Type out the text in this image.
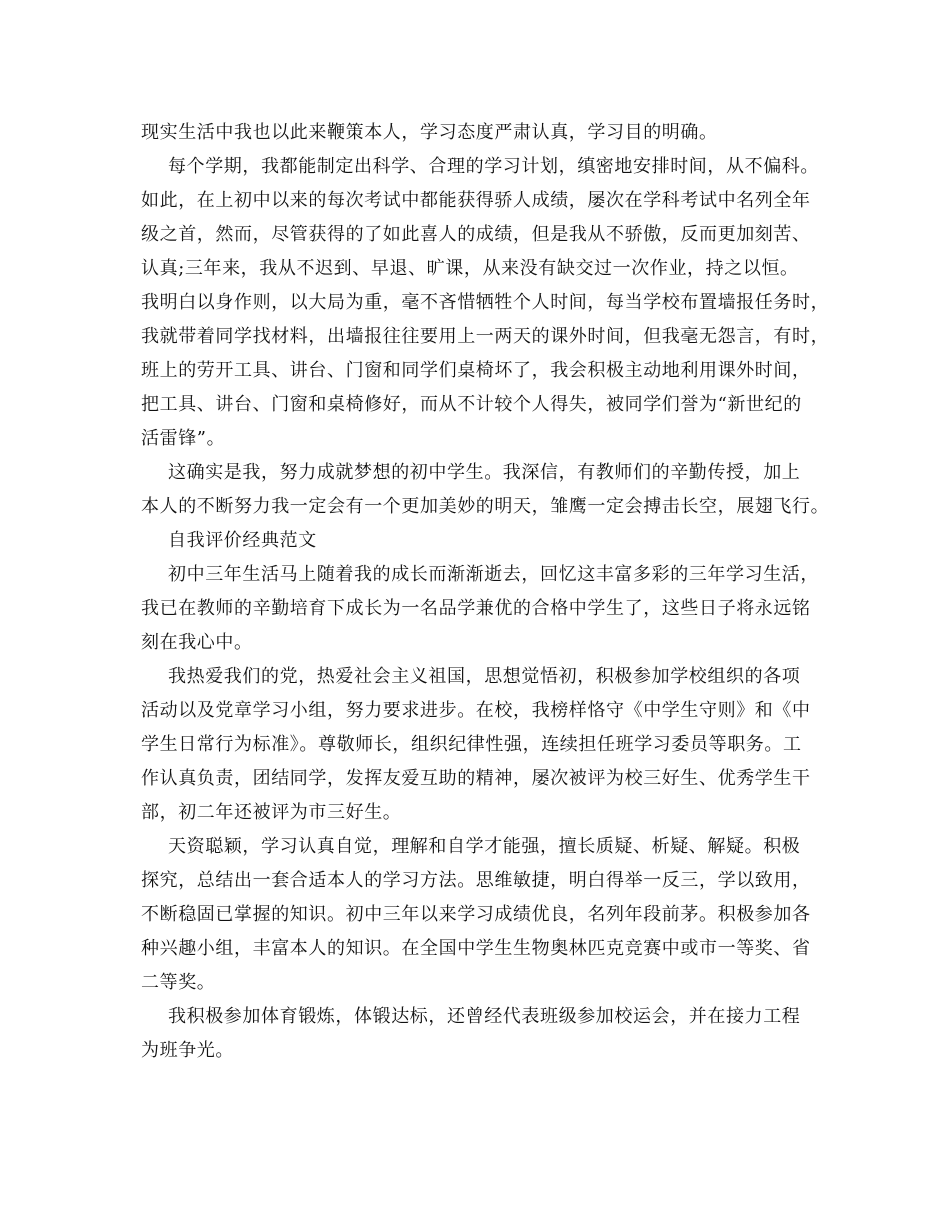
现实生活中我也以此来鞭策本人，学习态度严肃认真，学习目的明确。
每个学期，我都能制定出科学、合理的学习计划，缜密地安排时间，从不偏科。
如此，在上初中以来的每次考试中都能获得骄人成绩，屡次在学科考试中名列全年
级之首，然而，尽管获得的了如此喜人的成绩，但是我从不骄傲，反而更加刻苦、
认真;三年来，我从不迟到、早退、旷课，从来没有缺交过一次作业，持之以恒。
我明白以身作则，以大局为重，毫不吝惜牺牲个人时间，每当学校布置墙报任务时，
我就带着同学找材料，出墙报往往要用上一两天的课外时间，但我毫无怨言，有时，
班上的劳开工具、讲台、门窗和同学们桌椅坏了，我会积极主动地利用课外时间，
把工具、讲台、门窗和桌椅修好，而从不计较个人得失，被同学们誉为“新世纪的
活雷锋”。
这确实是我，努力成就梦想的初中学生。我深信，有教师们的辛勤传授，加上
本人的不断努力我一定会有一个更加美妙的明天，雏鹰一定会搏击长空，展翅飞行。
自我评价经典范文
初中三年生活马上随着我的成长而渐渐逝去，回忆这丰富多彩的三年学习生活，
我已在教师的辛勤培育下成长为一名品学兼优的合格中学生了，这些日子将永远铭
刻在我心中。
我热爱我们的党，热爱社会主义祖国，思想觉悟初，积极参加学校组织的各项
活动以及党章学习小组，努力要求进步。在校，我榜样恪守《中学生守则》和《中
学生日常行为标准》。尊敬师长，组织纪律性强，连续担任班学习委员等职务。工
作认真负责，团结同学，发挥友爱互助的精神，屡次被评为校三好生、优秀学生干
部，初二年还被评为市三好生。
天资聪颖，学习认真自觉，理解和自学才能强，擅长质疑、析疑、解疑。积极
探究，总结出一套合适本人的学习方法。思维敏捷，明白得举一反三，学以致用，
不断稳固已掌握的知识。初中三年以来学习成绩优良，名列年段前茅。积极参加各
种兴趣小组，丰富本人的知识。在全国中学生生物奥林匹克竞赛中或市一等奖、省
二等奖。
我积极参加体育锻炼，体锻达标，还曾经代表班级参加校运会，并在接力工程
为班争光。
